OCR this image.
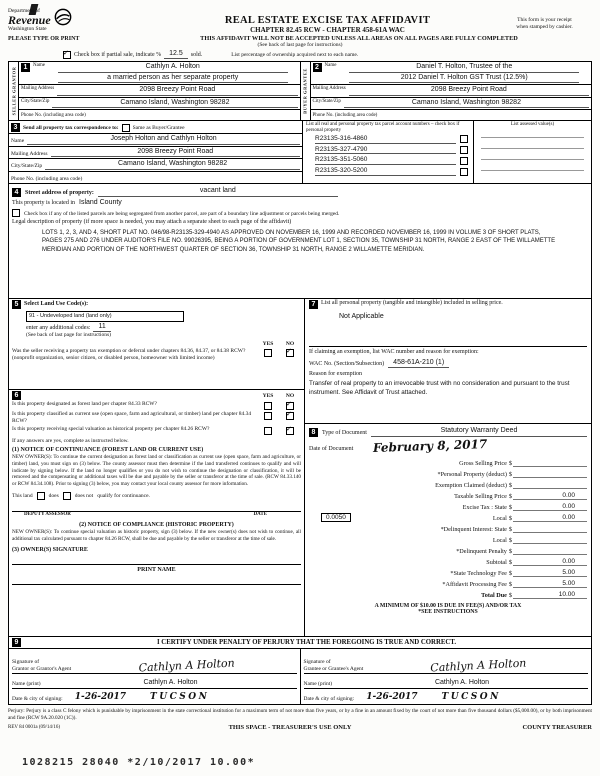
Department of
Revenue
Washington State
REAL ESTATE EXCISE TAX AFFIDAVIT
CHAPTER 82.45 RCW - CHAPTER 458-61A WAC
This form is your receipt
when stamped by cashier.
PLEASE TYPE OR PRINT	THIS AFFIDAVIT WILL NOT BE ACCEPTED UNLESS ALL AREAS ON ALL PAGES ARE FULLY COMPLETED
(See back of last page for instructions)
✓
Check box if partial sale, indicate %	12.5	sold.	List percentage of ownership acquired next to each name.
SELLER GRANTOR	1	Name	Cathlyn A. Holton
a married person as her separate property
Mailing Address	2098 Breezy Point Road
City/State/Zip	Camano Island, Washington 98282
Phone No. (including area code)
BUYER GRANTEE
2	Name	Daniel T. Holton, Trustee of the
2012 Daniel T. Holton GST Trust (12.5%)
Mailing Address	2098 Breezy Point Road
City/State/Zip	Camano Island, Washington 98282
Phone No. (including area code)
3	Send all property tax correspondence to:	Same as Buyer/Grantee
Name	Joseph Holton and Cathlyn Holton
Mailing Address	2098 Breezy Point Road
City/State/Zip	Camano Island, Washington 98282
Phone No. (including area code)
List all real and personal property tax parcel account numbers – check box if personal property
R23135-316-4860
R23135-327-4790
R23135-351-5060
R23135-320-5200
List assessed value(s)
4	Street address of property:	vacant land
This property is located in Island County
Check box if any of the listed parcels are being segregated from another parcel, are part of a boundary line adjustment or parcels being merged.
Legal description of property (if more space is needed, you may attach a separate sheet to each page of the affidavit)
LOTS 1, 2, 3, AND 4, SHORT PLAT NO. 046/98-R23135-329-4940 AS APPROVED ON NOVEMBER 16, 1999 AND RECORDED NOVEMBER 16, 1999 IN VOLUME 3 OF SHORT PLATS, PAGES 275 AND 276 UNDER AUDITOR'S FILE NO. 99026395, BEING A PORTION OF GOVERNMENT LOT 1, SECTION 35, TOWNSHIP 31 NORTH, RANGE 2 EAST OF THE WILLAMETTE MERIDIAN AND PORTION OF THE NORTHWEST QUARTER OF SECTION 36, TOWNSHIP 31 NORTH, RANGE 2 WILLAMETTE MERIDIAN.
5 Select Land Use Code(s):
91 - Undeveloped land (land only)
enter any additional codes:	11
(See back of last page for instructions)
YES	NO
Was the seller receiving a property tax exemption or deferral under chapters 84.36, 84.37, or 84.38 RCW? (nonprofit organization, senior citizen, or disabled person, homeowner with limited income)
✓
6	YES	NO
Is this property designated as forest land per chapter 84.33 RCW?
✓
Is this property classified as current use (open space, farm and agricultural, or timber) land per chapter 84.34 RCW?
✓
Is this property receiving special valuation as historical property per chapter 84.26 RCW?
✓
If any answers are yes, complete as instructed below.
(1) NOTICE OF CONTINUANCE (FOREST LAND OR CURRENT USE)
NEW OWNER(S): To continue the current designation as forest land or classification as current use (open space, farm and agriculture, or timber) land, you must sign on (3) below. The county assessor must then determine if the land transferred continues to qualify and will indicate by signing below. If the land no longer qualifies or you do not wish to continue the designation or classification, it will be removed and the compensating or additional taxes will be due and payable by the seller or transferor at the time of sale. (RCW 84.33.140 or RCW 84.34.108). Prior to signing (3) below, you may contact your local county assessor for more information.
This land	does	does not qualify for continuance.
DEPUTY ASSESSOR	DATE
(2) NOTICE OF COMPLIANCE (HISTORIC PROPERTY)
NEW OWNER(S): To continue special valuation as historic property, sign (3) below. If the new owner(s) does not wish to continue, all additional tax calculated pursuant to chapter 84.26 RCW, shall be due and payable by the seller or transferor at the time of sale.
(3) OWNER(S) SIGNATURE
PRINT NAME
7 List all personal property (tangible and intangible) included in selling price.
Not Applicable
If claiming an exemption, list WAC number and reason for exemption:
WAC No. (Section/Subsection)	458-61A-210 (1)
Reason for exemption
Transfer of real property to an irrevocable trust with no consideration and pursuant to the trust instrument. See Affidavit of Trust attached.
8	Type of Document	Statutory Warranty Deed
Date of Document February 8, 2017
Gross Selling Price $
*Personal Property (deduct) $
Exemption Claimed (deduct) $
Taxable Selling Price $	0.00
Excise Tax : State $	0.00
0.0050	Local $	0.00
*Delinquent Interest: State $
Local $
*Delinquent Penalty $
Subtotal $	0.00
*State Technology Fee $	5.00
*Affidavit Processing Fee $	5.00
Total Due $	10.00
A MINIMUM OF $10.00 IS DUE IN FEE(S) AND/OR TAX
*SEE INSTRUCTIONS
9	I CERTIFY UNDER PENALTY OF PERJURY THAT THE FOREGOING IS TRUE AND CORRECT.
Signature of
Grantor or Grantor's Agent	Cathlyn A Holton
Name (print)	Cathlyn A. Holton
Date & city of signing: 1-26-2017	TUCSON
Signature of
Grantee or Grantee's Agent	Cathlyn A Holton
Name (print)	Cathlyn A. Holton
Date & city of signing: 1-26-2017	TUCSON
Perjury: Perjury is a class C felony which is punishable by imprisonment in the state correctional institution for a maximum term of not more than five years, or by a fine in an amount fixed by the court of not more than five thousand dollars ($5,000.00), or by both imprisonment and fine (RCW 9A.20.020 (1C)).
REV 84 0001a (09/14/16)	THIS SPACE - TREASURER'S USE ONLY	COUNTY TREASURER
1028215 28040 *2/10/2017 10.00*
